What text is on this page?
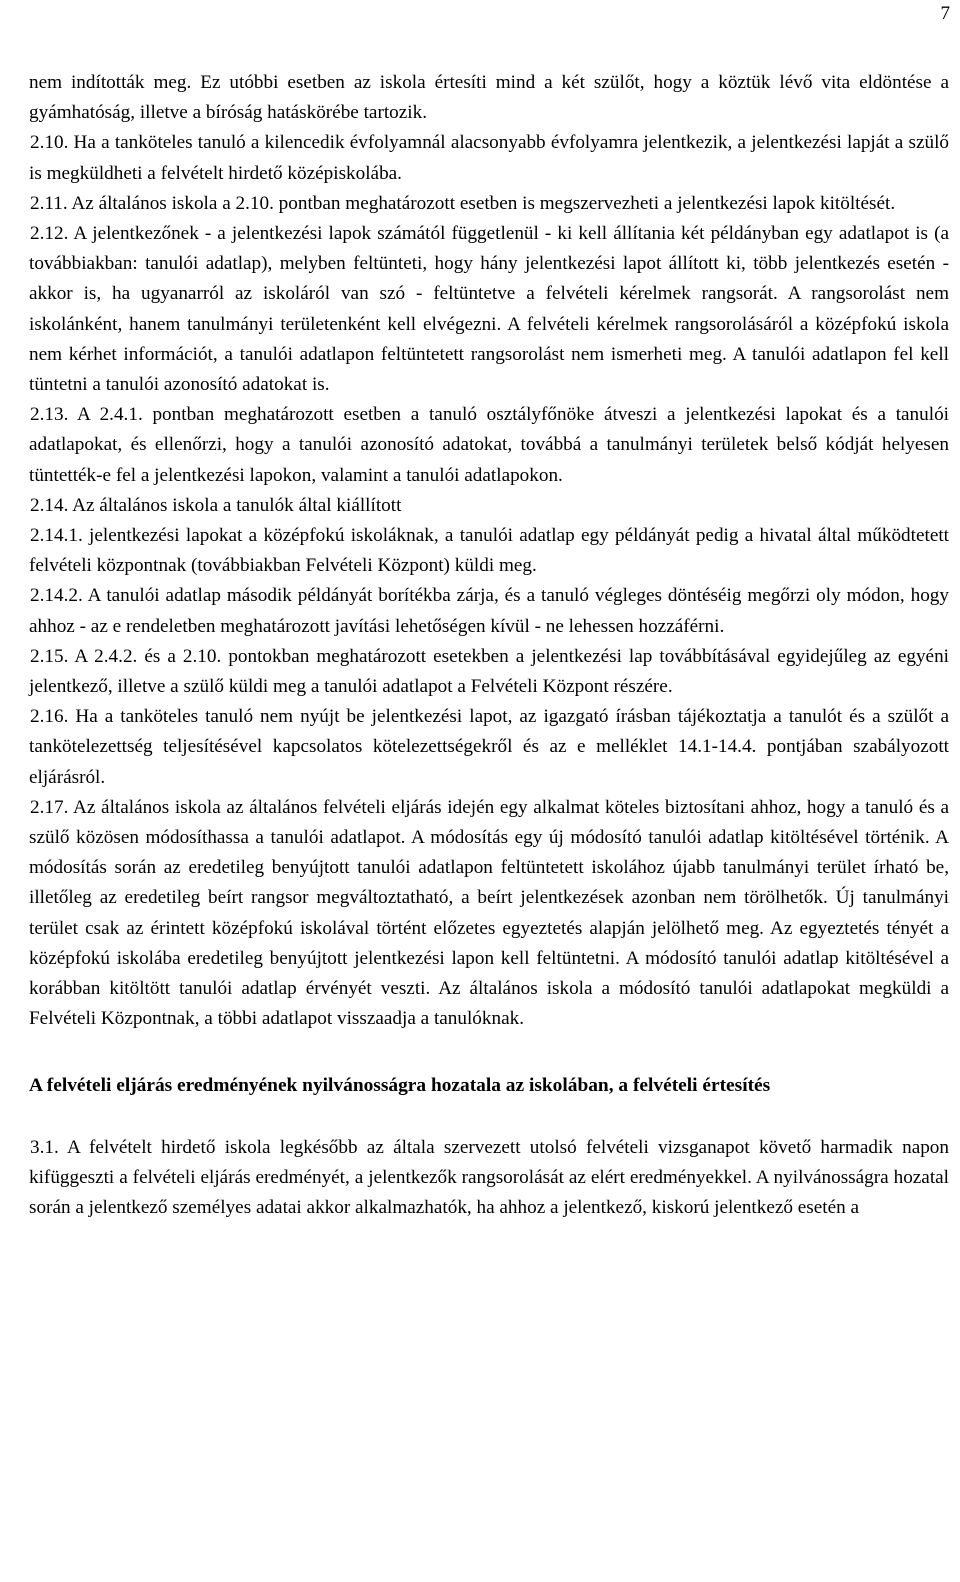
7

nem indították meg. Ez utóbbi esetben az iskola értesíti mind a két szülőt, hogy a köztük lévő vita eldöntése a gyámhatóság, illetve a bíróság hatáskörébe tartozik.

2.10. Ha a tanköteles tanuló a kilencedik évfolyamnál alacsonyabb évfolyamra jelentkezik, a jelentkezési lapját a szülő is megküldheti a felvételt hirdető középiskolába.

2.11. Az általános iskola a 2.10. pontban meghatározott esetben is megszervezheti a jelentkezési lapok kitöltését.

2.12. A jelentkezőnek - a jelentkezési lapok számától függetlenül - ki kell állítania két példányban egy adatlapot is (a továbbiakban: tanulói adatlap), melyben feltünteti, hogy hány jelentkezési lapot állított ki, több jelentkezés esetén - akkor is, ha ugyanarról az iskoláról van szó - feltüntetve a felvételi kérelmek rangsorát. A rangsorolást nem iskolánként, hanem tanulmányi területenként kell elvégezni. A felvételi kérelmek rangsorolásáról a középfokú iskola nem kérhet információt, a tanulói adatlapon feltüntetett rangsorolást nem ismerheti meg. A tanulói adatlapon fel kell tüntetni a tanulói azonosító adatokat is.

2.13. A 2.4.1. pontban meghatározott esetben a tanuló osztályfőnöke átveszi a jelentkezési lapokat és a tanulói adatlapokat, és ellenőrzi, hogy a tanulói azonosító adatokat, továbbá a tanulmányi területek belső kódját helyesen tüntették-e fel a jelentkezési lapokon, valamint a tanulói adatlapokon.

2.14. Az általános iskola a tanulók által kiállított

2.14.1. jelentkezési lapokat a középfokú iskoláknak, a tanulói adatlap egy példányát pedig a hivatal által működtetett felvételi központnak (továbbiakban Felvételi Központ) küldi meg.

2.14.2. A tanulói adatlap második példányát borítékba zárja, és a tanuló végleges döntéséig megőrzi oly módon, hogy ahhoz - az e rendeletben meghatározott javítási lehetőségen kívül - ne lehessen hozzáférni.

2.15. A 2.4.2. és a 2.10. pontokban meghatározott esetekben a jelentkezési lap továbbításával egyidejűleg az egyéni jelentkező, illetve a szülő küldi meg a tanulói adatlapot a Felvételi Központ részére.

2.16. Ha a tanköteles tanuló nem nyújt be jelentkezési lapot, az igazgató írásban tájékoztatja a tanulót és a szülőt a tankötelezettség teljesítésével kapcsolatos kötelezettségekről és az e melléklet 14.1-14.4. pontjában szabályozott eljárásról.

2.17. Az általános iskola az általános felvételi eljárás idején egy alkalmat köteles biztosítani ahhoz, hogy a tanuló és a szülő közösen módosíthassa a tanulói adatlapot. A módosítás egy új módosító tanulói adatlap kitöltésével történik. A módosítás során az eredetileg benyújtott tanulói adatlapon feltüntetett iskolához újabb tanulmányi terület írható be, illetőleg az eredetileg beírt rangsor megváltoztatható, a beírt jelentkezések azonban nem törölhetők. Új tanulmányi terület csak az érintett középfokú iskolával történt előzetes egyeztetés alapján jelölhető meg. Az egyeztetés tényét a középfokú iskolába eredetileg benyújtott jelentkezési lapon kell feltüntetni. A módosító tanulói adatlap kitöltésével a korábban kitöltött tanulói adatlap érvényét veszti. Az általános iskola a módosító tanulói adatlapokat megküldi a Felvételi Központnak, a többi adatlapot visszaadja a tanulóknak.

A felvételi eljárás eredményének nyilvánosságra hozatala az iskolában, a felvételi értesítés

3.1. A felvételt hirdető iskola legkésőbb az általa szervezett utolsó felvételi vizsganapot követő harmadik napon kifüggeszti a felvételi eljárás eredményét, a jelentkezők rangsorolását az elért eredményekkel. A nyilvánosságra hozatal során a jelentkező személyes adatai akkor alkalmazhatók, ha ahhoz a jelentkező, kiskorú jelentkező esetén a
